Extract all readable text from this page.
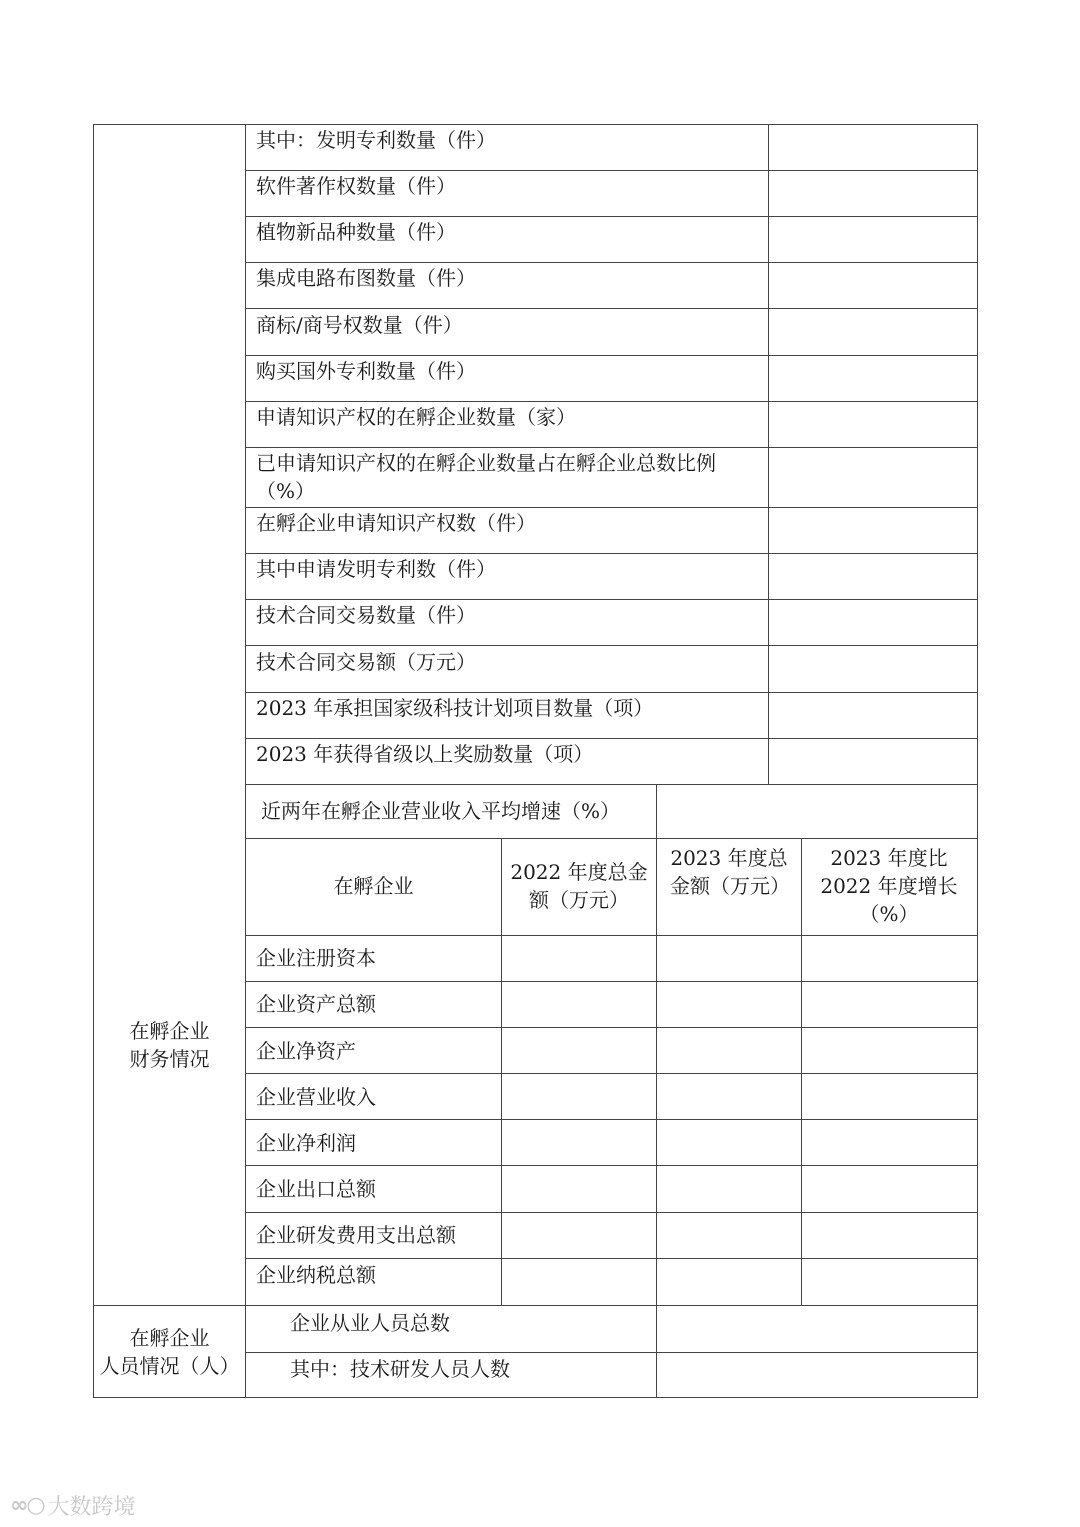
在孵企业
财务情况
在孵企业
人员情况（人）
其中：发明专利数量（件）
软件著作权数量（件）
植物新品种数量（件）
集成电路布图数量（件）
商标/商号权数量（件）
购买国外专利数量（件）
申请知识产权的在孵企业数量（家）
已申请知识产权的在孵企业数量占在孵企业总数比例（%）
在孵企业申请知识产权数（件）
其中申请发明专利数（件）
技术合同交易数量（件）
技术合同交易额（万元）
2023 年承担国家级科技计划项目数量（项）
2023 年获得省级以上奖励数量（项）
近两年在孵企业营业收入平均增速（%）
在孵企业
2022 年度总金额（万元）
2023 年度总金额（万元）
2023 年度比 2022 年度增长（%）
企业注册资本
企业资产总额
企业净资产
企业营业收入
企业净利润
企业出口总额
企业研发费用支出总额
企业纳税总额
企业从业人员总数
其中：技术研发人员人数
∞○ 大数跨境
